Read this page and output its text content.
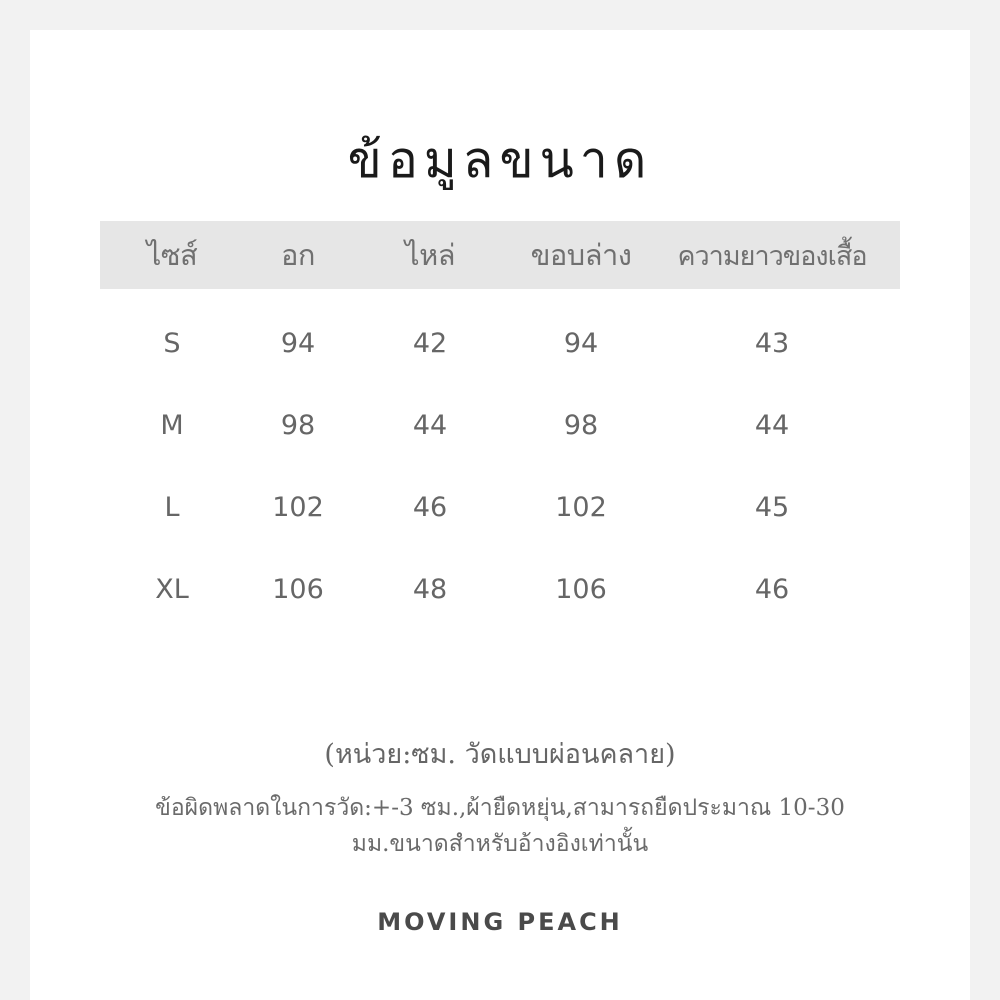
ข้อมูลขนาด
ไซส์	อก	ไหล่	ขอบล่าง	ความยาวของเสื้อ
S	94	42	94	43
M	98	44	98	44
L	102	46	102	45
XL	106	48	106	46
(หน่วย:ซม. วัดแบบผ่อนคลาย)
ข้อผิดพลาดในการวัด:+-3 ซม.,ผ้ายืดหยุ่น,สามารถยืดประมาณ 10-30
มม.ขนาดสำหรับอ้างอิงเท่านั้น
MOVING PEACH
